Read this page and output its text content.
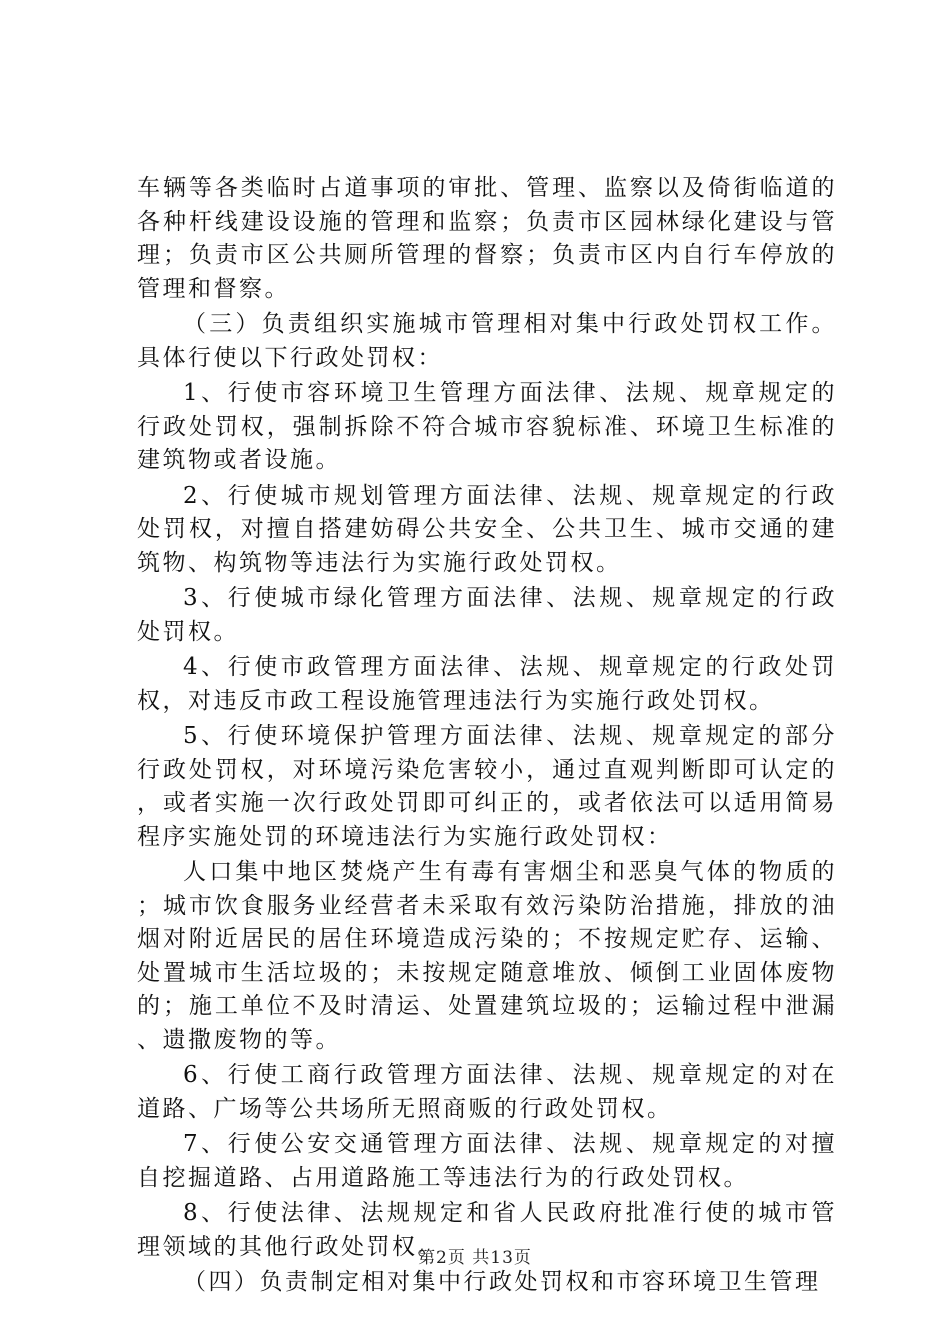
车辆等各类临时占道事项的审批、管理、监察以及倚街临道的各种杆线建设设施的管理和监察；负责市区园林绿化建设与管理；负责市区公共厕所管理的督察；负责市区内自行车停放的管理和督察。

（三）负责组织实施城市管理相对集中行政处罚权工作。具体行使以下行政处罚权：

1、行使市容环境卫生管理方面法律、法规、规章规定的行政处罚权，强制拆除不符合城市容貌标准、环境卫生标准的建筑物或者设施。

2、行使城市规划管理方面法律、法规、规章规定的行政处罚权，对擅自搭建妨碍公共安全、公共卫生、城市交通的建筑物、构筑物等违法行为实施行政处罚权。

3、行使城市绿化管理方面法律、法规、规章规定的行政处罚权。

4、行使市政管理方面法律、法规、规章规定的行政处罚权，对违反市政工程设施管理违法行为实施行政处罚权。

5、行使环境保护管理方面法律、法规、规章规定的部分行政处罚权，对环境污染危害较小，通过直观判断即可认定的，或者实施一次行政处罚即可纠正的，或者依法可以适用简易程序实施处罚的环境违法行为实施行政处罚权：

人口集中地区焚烧产生有毒有害烟尘和恶臭气体的物质的；城市饮食服务业经营者未采取有效污染防治措施，排放的油烟对附近居民的居住环境造成污染的；不按规定贮存、运输、处置城市生活垃圾的；未按规定随意堆放、倾倒工业固体废物的；施工单位不及时清运、处置建筑垃圾的；运输过程中泄漏、遗撒废物的等。

6、行使工商行政管理方面法律、法规、规章规定的对在道路、广场等公共场所无照商贩的行政处罚权。

7、行使公安交通管理方面法律、法规、规章规定的对擅自挖掘道路、占用道路施工等违法行为的行政处罚权。

8、行使法律、法规规定和省人民政府批准行使的城市管理领域的其他行政处罚权。

（四）负责制定相对集中行政处罚权和市容环境卫生管理

第2页 共13页
